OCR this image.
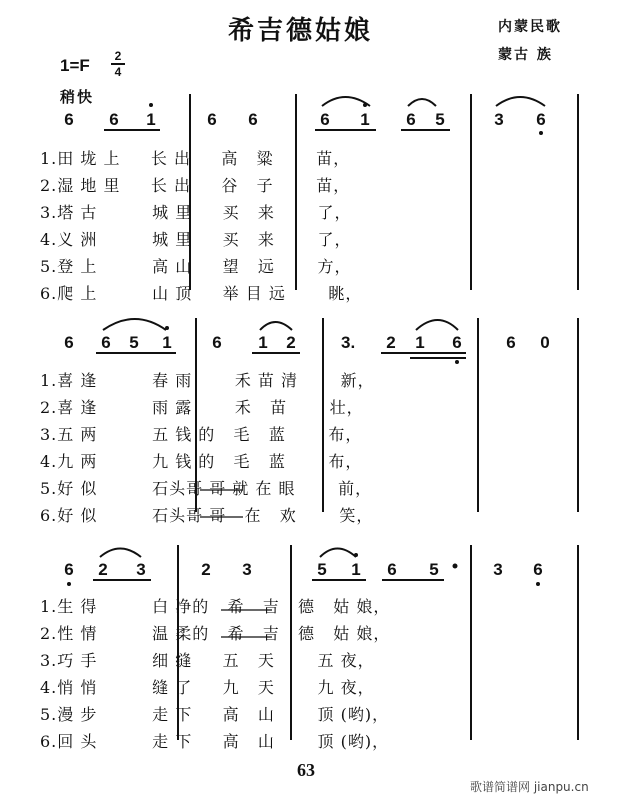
希吉德姑娘	内蒙民歌
蒙古 族
1=F 2
4
稍快
6 6 1	6 6	6 1 6 5	3 6
1.田 垅 上     长 出     高   粱       苗，
2.湿 地 里     长 出     谷   子       苗，
3.塔 古         城 里     买   来       了，
4.义 洲         城 里     买   来       了，
5.登 上         高 山     望   远       方，
6.爬 上         山 顶     举 目 远       眺，
6 6 5 1 6 1 2	3. 2 1 6	6 0
1.喜 逢         春 雨       禾 苗 清       新，
2.喜 逢         雨 露       禾   苗       壮，
3.五 两         五 钱 的   毛   蓝       布，
4.九 两         九 钱 的   毛   蓝       布，
5.好 似         石头哥 哥 就 在 眼       前，
6.好 似         石头哥 哥   在   欢       笑，
6 2 3	2 3	5 1 6 5	3 6
1.生 得         白 净的   希   吉   德   姑 娘，
2.性 情         温 柔的   希   吉   德   姑 娘，
3.巧 手         细 缝     五   天       五 夜，
4.悄 悄         缝 了     九   天       九 夜，
5.漫 步         走 下     高   山       顶 (哟)，
6.回 头         走 下     高   山       顶 (哟)，
63
歌谱简谱网 jianpu.cn
